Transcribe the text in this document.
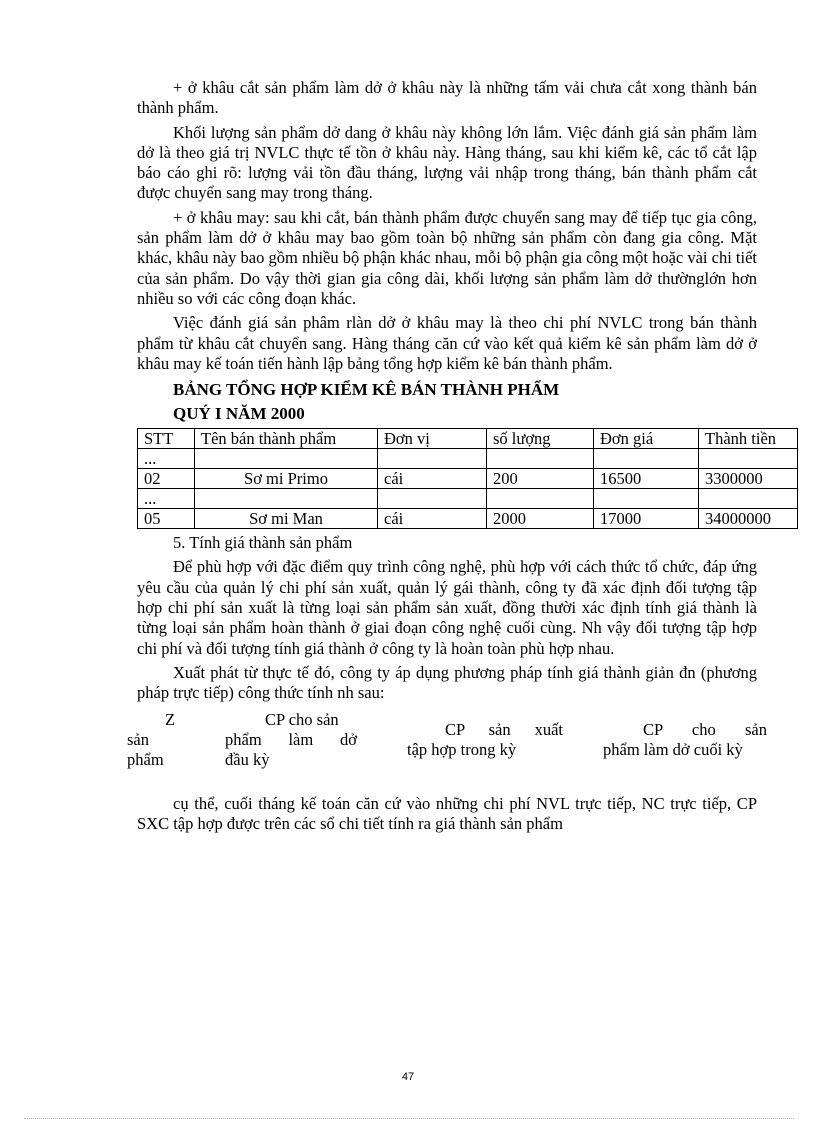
+ ở khâu cắt sản phẩm làm dở ở khâu này là những tấm vải chưa cắt xong thành bán thành phẩm.

Khối lượng sản phẩm dở dang ở khâu này không lớn lắm. Việc đánh giá sản phẩm làm dở là theo giá trị NVLC thực tế tồn ở khâu này. Hàng tháng, sau khi kiểm kê, các tổ cắt lập báo cáo ghi rõ: lượng vải tồn đầu tháng, lượng vải nhập trong tháng, bán thành phẩm cắt được chuyển sang may trong tháng.

+ ở khâu may: sau khi cắt, bán thành phẩm được chuyển sang may để tiếp tục gia công, sản phẩm làm dở ở khâu may bao gồm toàn bộ những sản phẩm còn đang gia công. Mặt khác, khâu này bao gồm nhiều bộ phận khác nhau, mỗi bộ phận gia công một hoặc vài chi tiết của sản phẩm. Do vậy thời gian gia công dài, khối lượng sản phẩm làm dở thườnglớn hơn nhiều so với các công đoạn khác.

Việc đánh giá sản phâm rlàn dở ở khâu may là theo chi phí NVLC trong bán thành phẩm từ khâu cắt chuyển sang. Hàng tháng căn cứ vào kết quả kiểm kê sản phẩm làm dở ở khâu may kế toán tiến hành lập bảng tổng hợp kiểm kê bán thành phẩm.

BẢNG TỔNG HỢP KIỂM KÊ BÁN THÀNH PHẨM
QUÝ I NĂM 2000
STT	Tên bán thành phẩm	Đơn vị	số lượng	Đơn giá	Thành tiền
...					
02	Sơ mi Primo	cái	200	16500	3300000
...					
05	Sơ mi Man	cái	2000	17000	34000000

5. Tính giá thành sản phẩm

Để phù hợp với đặc điểm quy trình công nghệ, phù hợp với cách thức tổ chức, đáp ứng yêu cầu của quản lý chi phí sản xuất, quản lý gái thành, công ty đã xác định đối tượng tập hợp chi phí sản xuất là từng loại sản phẩm sản xuất, đồng thười xác định tính giá thành là từng loại sản phẩm hoàn thành ở giai đoạn công nghệ cuối cùng. Nh vậy đối tượng tập hợp chi phí và đối tượng tính giá thành ở công ty là hoàn toàn phù hợp nhau.

Xuất phát từ thực tế đó, công ty áp dụng phương pháp tính giá thành giản đn (phương pháp trực tiếp) công thức tính nh sau:

Z
sản
phẩm
CP cho sản
phẩm làm dở
đầu kỳ
CP sản xuất
tập hợp trong kỳ
CP cho sản
phẩm làm dở cuối kỳ

cụ thể, cuối tháng kế toán căn cứ vào những chi phí NVL trực tiếp, NC trực tiếp, CP SXC tập hợp được trên các sổ chi tiết tính ra giá thành sản phẩm

47
